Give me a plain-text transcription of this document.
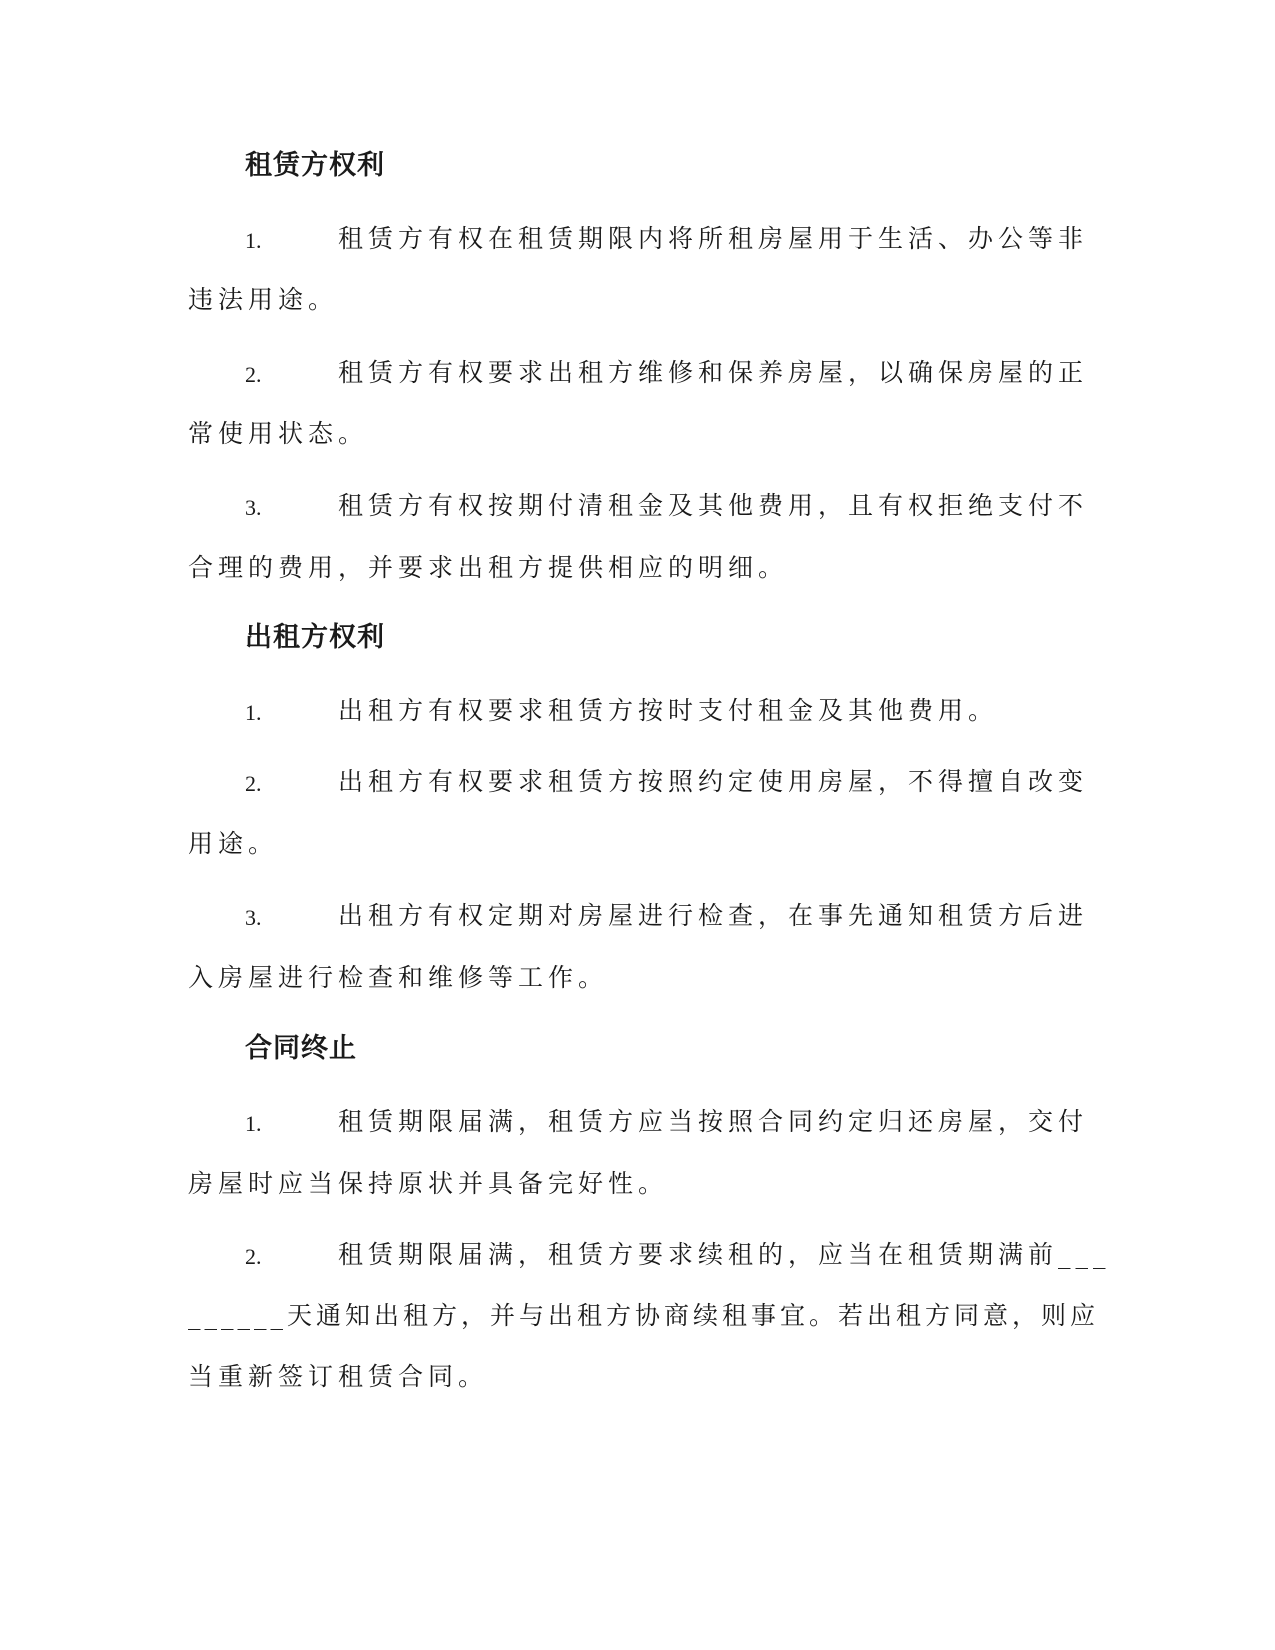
租赁方权利
1.	租赁方有权在租赁期限内将所租房屋用于生活、办公等非
违法用途。
2.	租赁方有权要求出租方维修和保养房屋，以确保房屋的正
常使用状态。
3.	租赁方有权按期付清租金及其他费用，且有权拒绝支付不
合理的费用，并要求出租方提供相应的明细。
出租方权利
1.	出租方有权要求租赁方按时支付租金及其他费用。
2.	出租方有权要求租赁方按照约定使用房屋，不得擅自改变
用途。
3.	出租方有权定期对房屋进行检查，在事先通知租赁方后进
入房屋进行检查和维修等工作。
合同终止
1.	租赁期限届满，租赁方应当按照合同约定归还房屋，交付
房屋时应当保持原状并具备完好性。
2.	租赁期限届满，租赁方要求续租的，应当在租赁期满前___
______天通知出租方，并与出租方协商续租事宜。若出租方同意，则应
当重新签订租赁合同。
